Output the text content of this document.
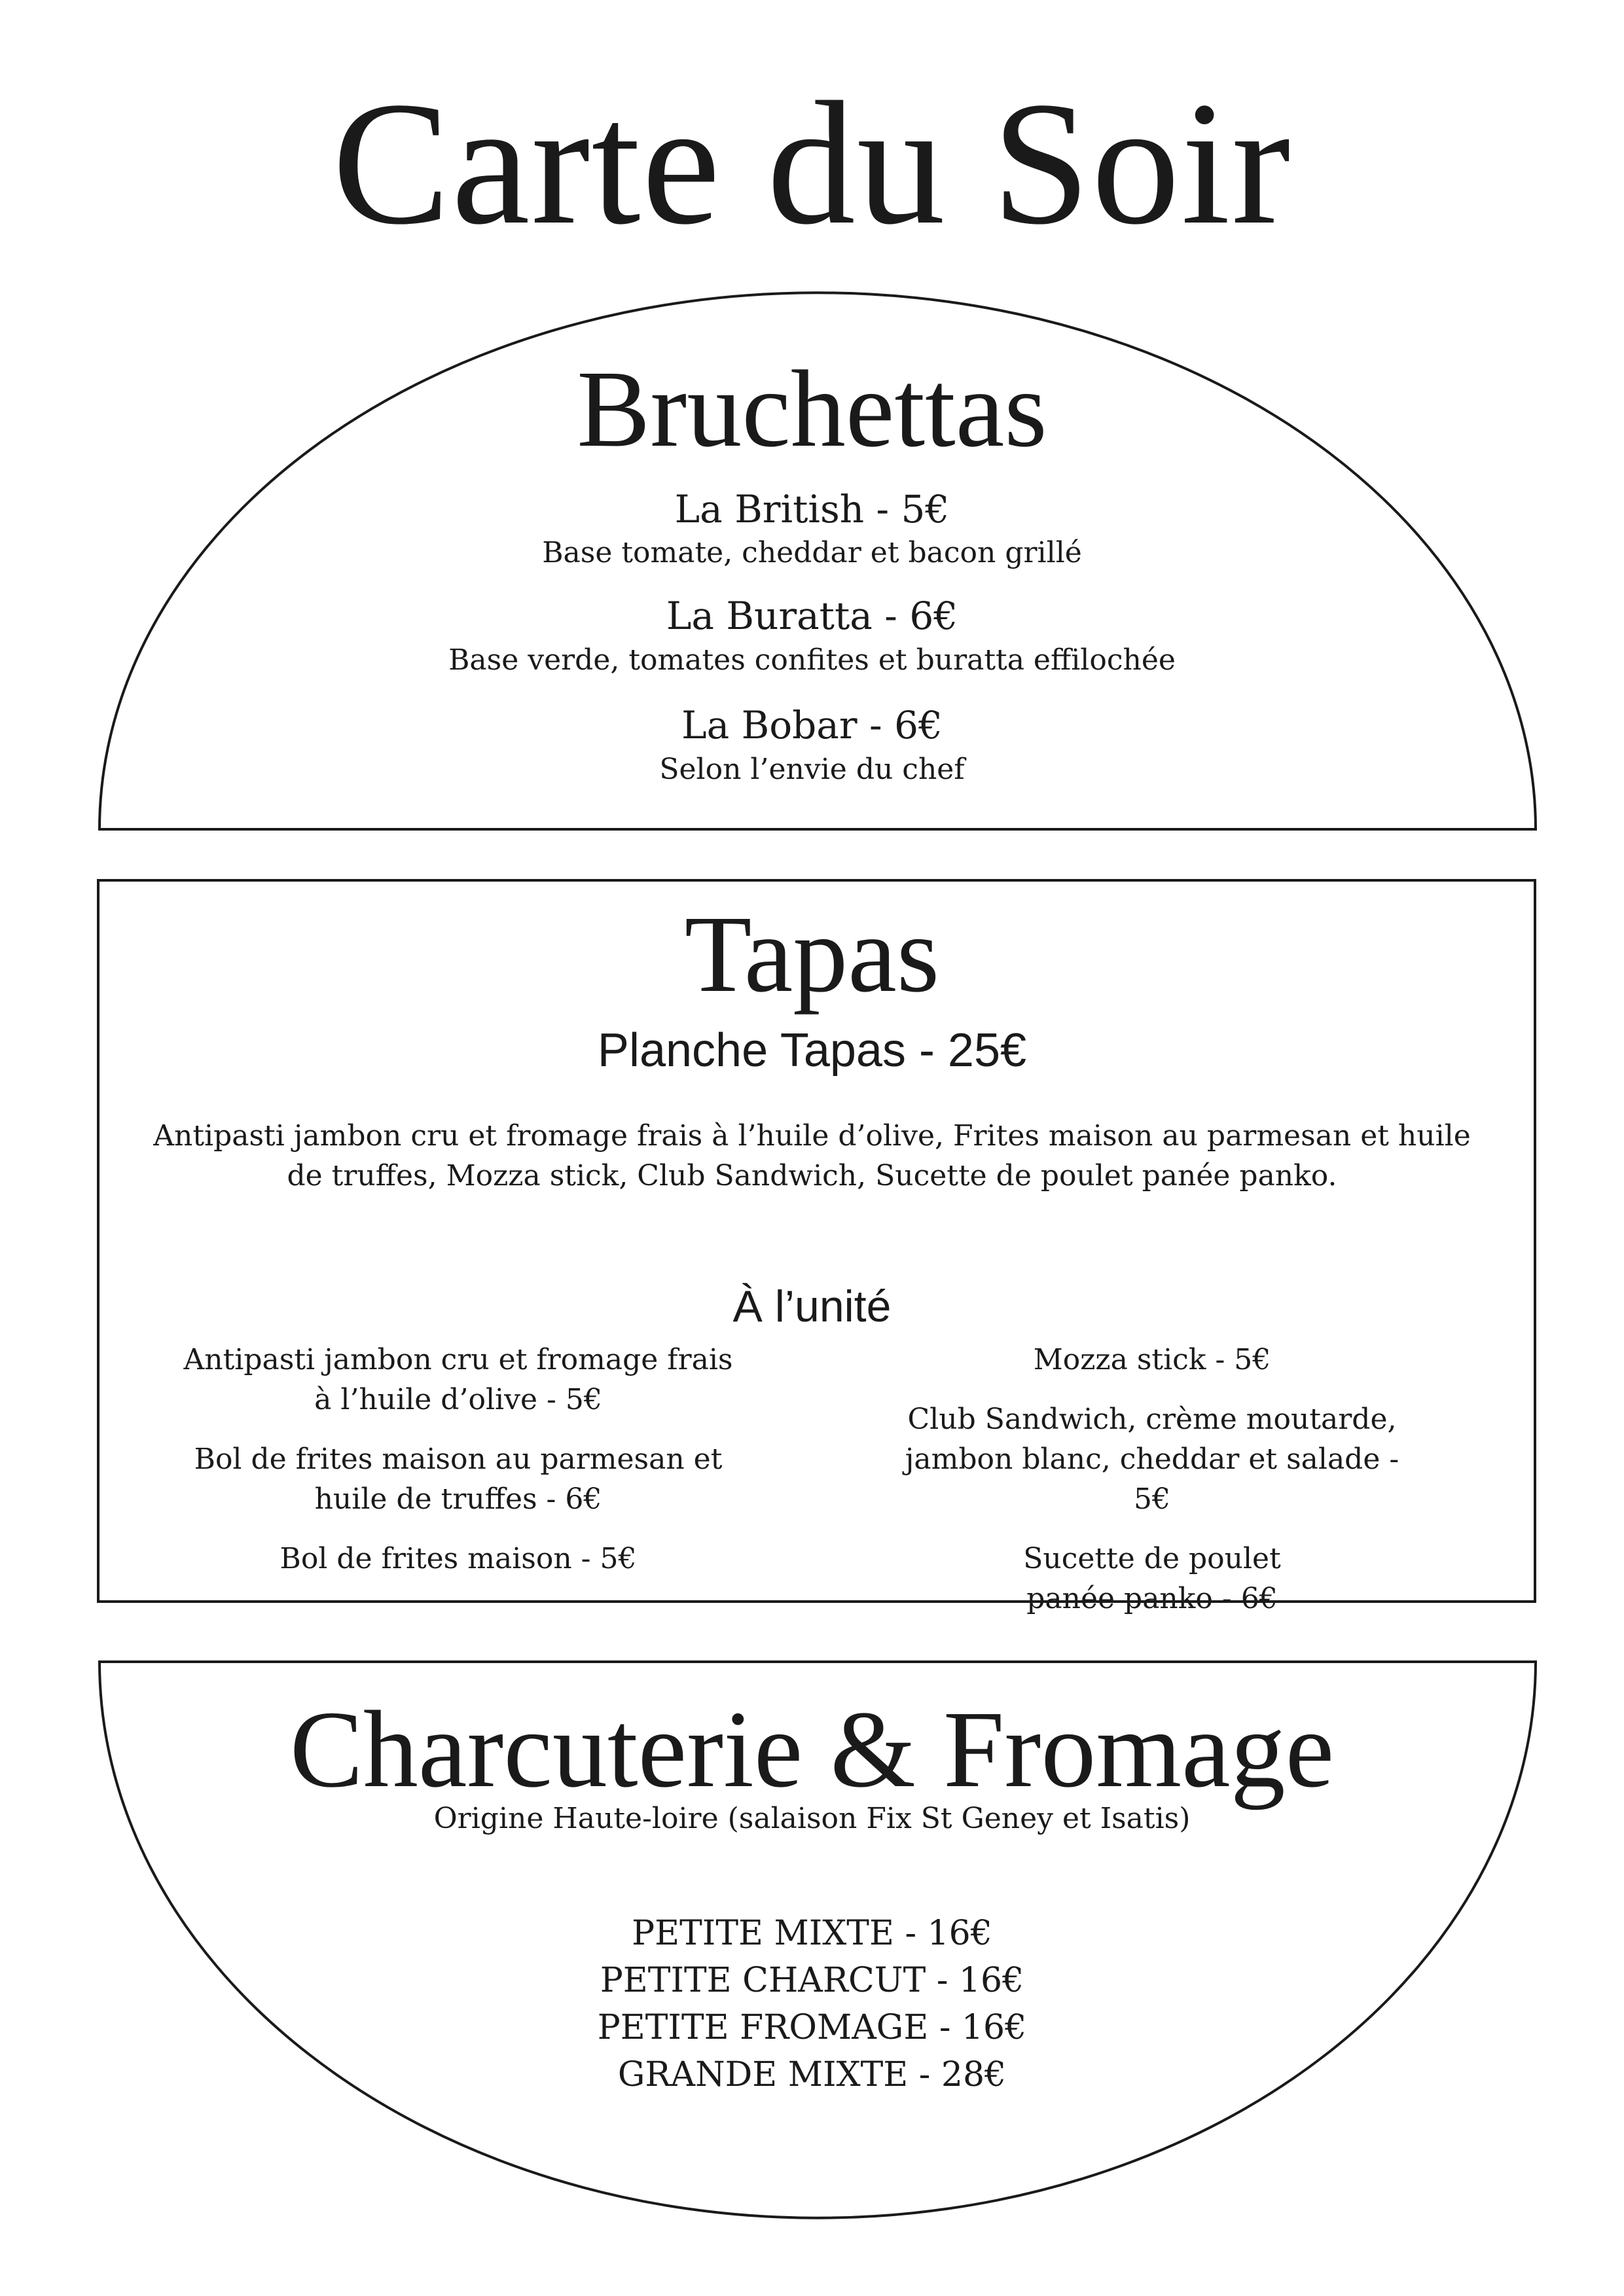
Carte du Soir
Bruchettas
La British - 5€
Base tomate, cheddar et bacon grillé
La Buratta - 6€
Base verde, tomates confites et buratta effilochée
La Bobar - 6€
Selon l’envie du chef
Tapas
Planche Tapas - 25€
Antipasti jambon cru et fromage frais à l’huile d’olive, Frites maison au parmesan et huile de truffes, Mozza stick, Club Sandwich, Sucette de poulet panée panko.
À l’unité
Antipasti jambon cru et fromage frais à l’huile d’olive - 5€
Bol de frites maison au parmesan et huile de truffes - 6€
Bol de frites maison - 5€
Mozza stick - 5€
Club Sandwich, crème moutarde, jambon blanc, cheddar et salade - 5€
Sucette de poulet panée panko - 6€
Charcuterie & Fromage
Origine Haute-loire (salaison Fix St Geney et Isatis)
PETITE MIXTE - 16€
PETITE CHARCUT - 16€
PETITE FROMAGE - 16€
GRANDE MIXTE - 28€
